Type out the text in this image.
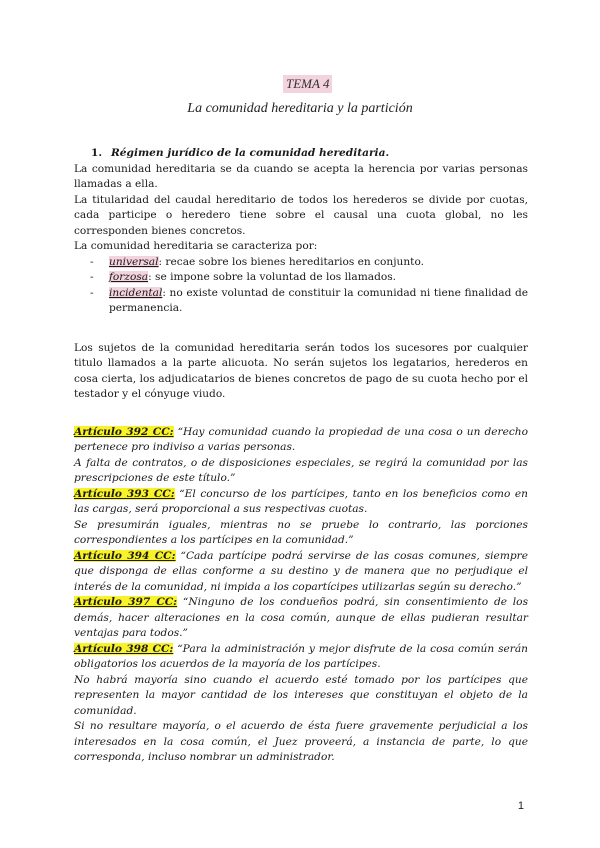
TEMA 4
La comunidad hereditaria y la partición

1. Régimen jurídico de la comunidad hereditaria.

La comunidad hereditaria se da cuando se acepta la herencia por varias personas llamadas a ella.

La titularidad del caudal hereditario de todos los herederos se divide por cuotas, cada participe o heredero tiene sobre el causal una cuota global, no les corresponden bienes concretos.

La comunidad hereditaria se caracteriza por:

- universal: recae sobre los bienes hereditarios en conjunto.

- forzosa: se impone sobre la voluntad de los llamados.

- incidental: no existe voluntad de constituir la comunidad ni tiene finalidad de permanencia.

Los sujetos de la comunidad hereditaria serán todos los sucesores por cualquier titulo llamados a la parte alicuota. No serán sujetos los legatarios, herederos en cosa cierta, los adjudicatarios de bienes concretos de pago de su cuota hecho por el testador y el cónyuge viudo.

Artículo 392 CC: “Hay comunidad cuando la propiedad de una cosa o un derecho pertenece pro indiviso a varias personas.

A falta de contratos, o de disposiciones especiales, se regirá la comunidad por las prescripciones de este título.”

Artículo 393 CC: “El concurso de los partícipes, tanto en los beneficios como en las cargas, será proporcional a sus respectivas cuotas.

Se presumirán iguales, mientras no se pruebe lo contrario, las porciones correspondientes a los partícipes en la comunidad.”

Artículo 394 CC: “Cada partícipe podrá servirse de las cosas comunes, siempre que disponga de ellas conforme a su destino y de manera que no perjudique el interés de la comunidad, ni impida a los copartícipes utilizarlas según su derecho.”

Artículo 397 CC: “Ninguno de los condueños podrá, sin consentimiento de los demás, hacer alteraciones en la cosa común, aunque de ellas pudieran resultar ventajas para todos.”

Artículo 398 CC: “Para la administración y mejor disfrute de la cosa común serán obligatorios los acuerdos de la mayoría de los partícipes.

No habrá mayoría sino cuando el acuerdo esté tomado por los partícipes que representen la mayor cantidad de los intereses que constituyan el objeto de la comunidad.

Si no resultare mayoría, o el acuerdo de ésta fuere gravemente perjudicial a los interesados en la cosa común, el Juez proveerá, a instancia de parte, lo que corresponda, incluso nombrar un administrador.

1
